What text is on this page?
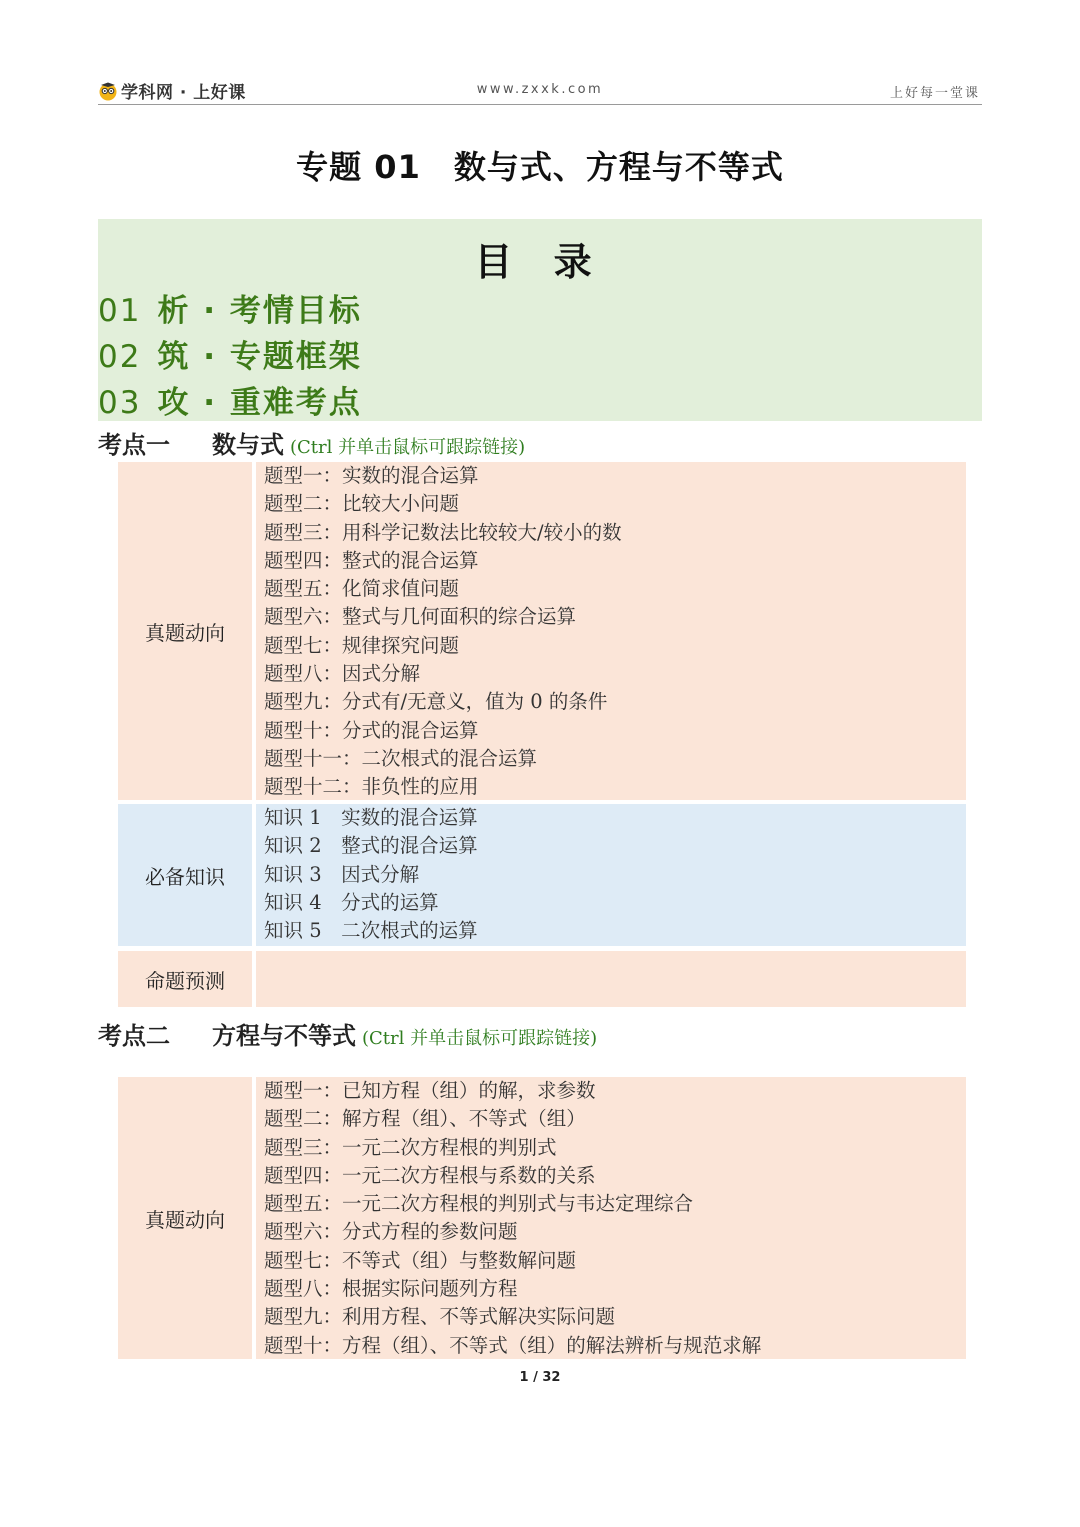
学科网 · 上好课	www.zxxk.com	上好每一堂课
专题 01　数与式、方程与不等式
目 录
01 析 · 考情目标
02 筑 · 专题框架
03 攻 · 重难考点
考点一 数与式 (Ctrl 并单击鼠标可跟踪链接)
真题动向
题型一：实数的混合运算
题型二：比较大小问题
题型三：用科学记数法比较较大/较小的数
题型四：整式的混合运算
题型五：化简求值问题
题型六：整式与几何面积的综合运算
题型七：规律探究问题
题型八：因式分解
题型九：分式有/无意义，值为 0 的条件
题型十：分式的混合运算
题型十一：二次根式的混合运算
题型十二：非负性的应用
必备知识
知识 1　实数的混合运算
知识 2　整式的混合运算
知识 3　因式分解
知识 4　分式的运算
知识 5　二次根式的运算
命题预测
考点二 方程与不等式 (Ctrl 并单击鼠标可跟踪链接)
真题动向
题型一：已知方程（组）的解，求参数
题型二：解方程（组）、不等式（组）
题型三：一元二次方程根的判别式
题型四：一元二次方程根与系数的关系
题型五：一元二次方程根的判别式与韦达定理综合
题型六：分式方程的参数问题
题型七：不等式（组）与整数解问题
题型八：根据实际问题列方程
题型九：利用方程、不等式解决实际问题
题型十：方程（组）、不等式（组）的解法辨析与规范求解
1 / 32
